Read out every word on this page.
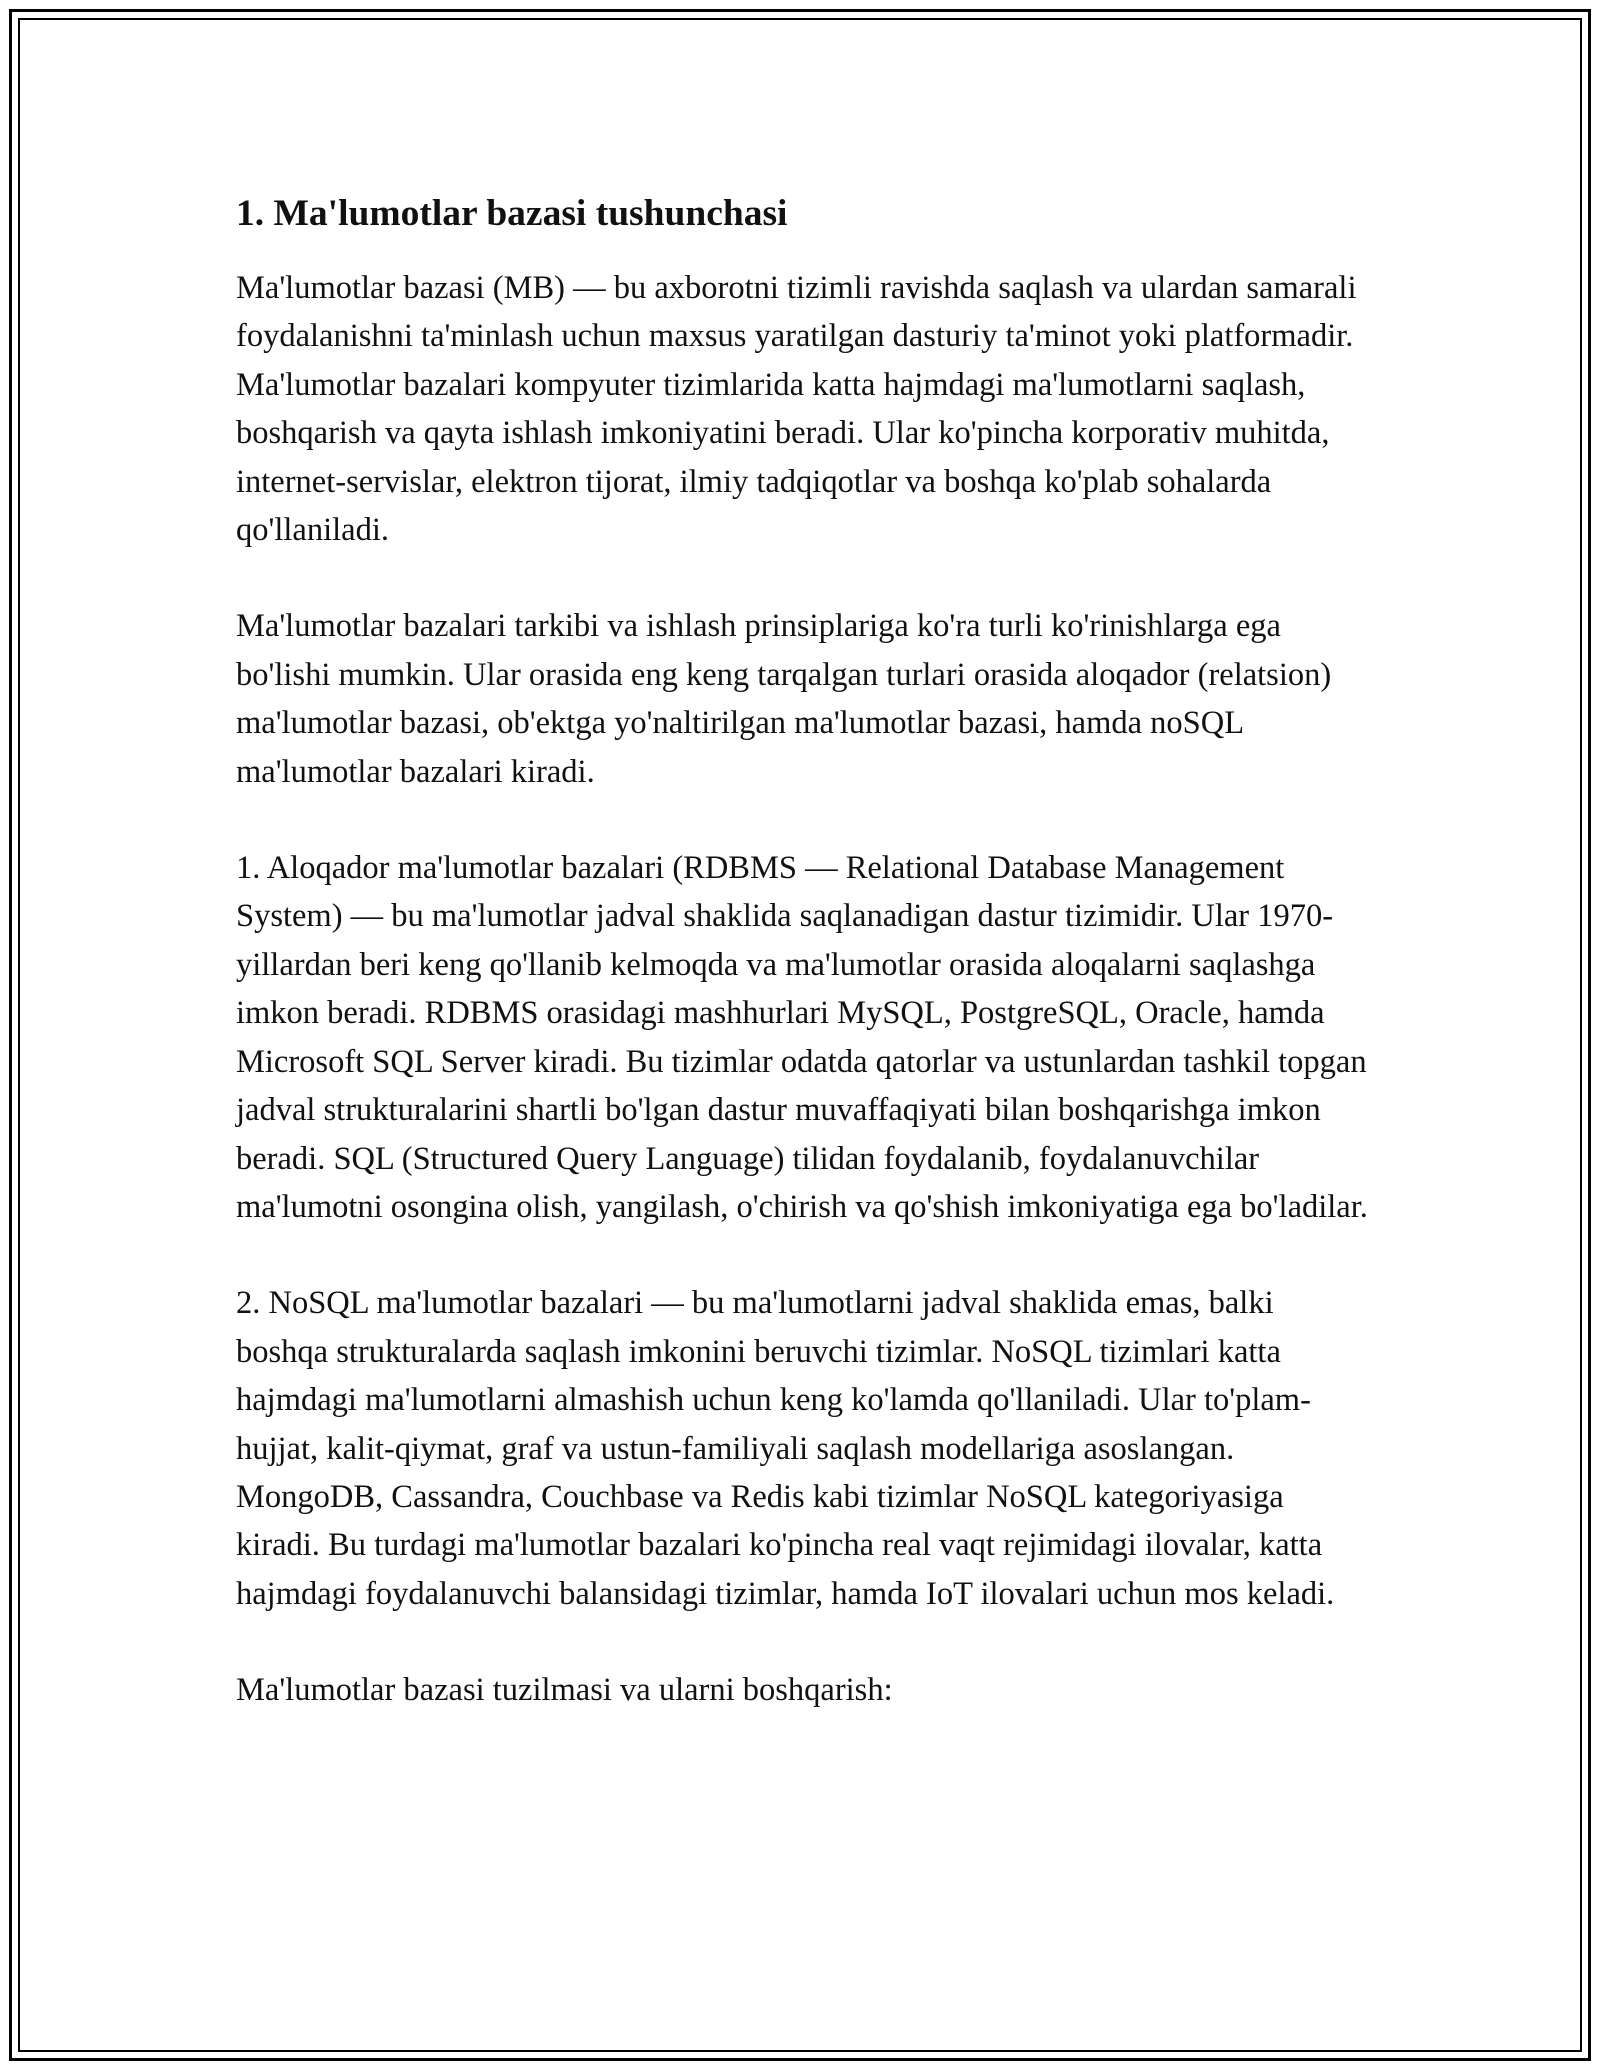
1. Ma'lumotlar bazasi tushunchasi

Ma'lumotlar bazasi (MB) — bu axborotni tizimli ravishda saqlash va ulardan samarali foydalanishni ta'minlash uchun maxsus yaratilgan dasturiy ta'minot yoki platformadir. Ma'lumotlar bazalari kompyuter tizimlarida katta hajmdagi ma'lumotlarni saqlash, boshqarish va qayta ishlash imkoniyatini beradi. Ular ko'pincha korporativ muhitda, internet-servislar, elektron tijorat, ilmiy tadqiqotlar va boshqa ko'plab sohalarda qo'llaniladi.

Ma'lumotlar bazalari tarkibi va ishlash prinsiplariga ko'ra turli ko'rinishlarga ega bo'lishi mumkin. Ular orasida eng keng tarqalgan turlari orasida aloqador (relatsion) ma'lumotlar bazasi, ob'ektga yo'naltirilgan ma'lumotlar bazasi, hamda noSQL ma'lumotlar bazalari kiradi.

1. Aloqador ma'lumotlar bazalari (RDBMS — Relational Database Management System) — bu ma'lumotlar jadval shaklida saqlanadigan dastur tizimidir. Ular 1970-yillardan beri keng qo'llanib kelmoqda va ma'lumotlar orasida aloqalarni saqlashga imkon beradi. RDBMS orasidagi mashhurlari MySQL, PostgreSQL, Oracle, hamda Microsoft SQL Server kiradi. Bu tizimlar odatda qatorlar va ustunlardan tashkil topgan jadval strukturalarini shartli bo'lgan dastur muvaffaqiyati bilan boshqarishga imkon beradi. SQL (Structured Query Language) tilidan foydalanib, foydalanuvchilar ma'lumotni osongina olish, yangilash, o'chirish va qo'shish imkoniyatiga ega bo'ladilar.

2. NoSQL ma'lumotlar bazalari — bu ma'lumotlarni jadval shaklida emas, balki boshqa strukturalarda saqlash imkonini beruvchi tizimlar. NoSQL tizimlari katta hajmdagi ma'lumotlarni almashish uchun keng ko'lamda qo'llaniladi. Ular to'plam-hujjat, kalit-qiymat, graf va ustun-familiyali saqlash modellariga asoslangan. MongoDB, Cassandra, Couchbase va Redis kabi tizimlar NoSQL kategoriyasiga kiradi. Bu turdagi ma'lumotlar bazalari ko'pincha real vaqt rejimidagi ilovalar, katta hajmdagi foydalanuvchi balansidagi tizimlar, hamda IoT ilovalari uchun mos keladi.

Ma'lumotlar bazasi tuzilmasi va ularni boshqarish:
